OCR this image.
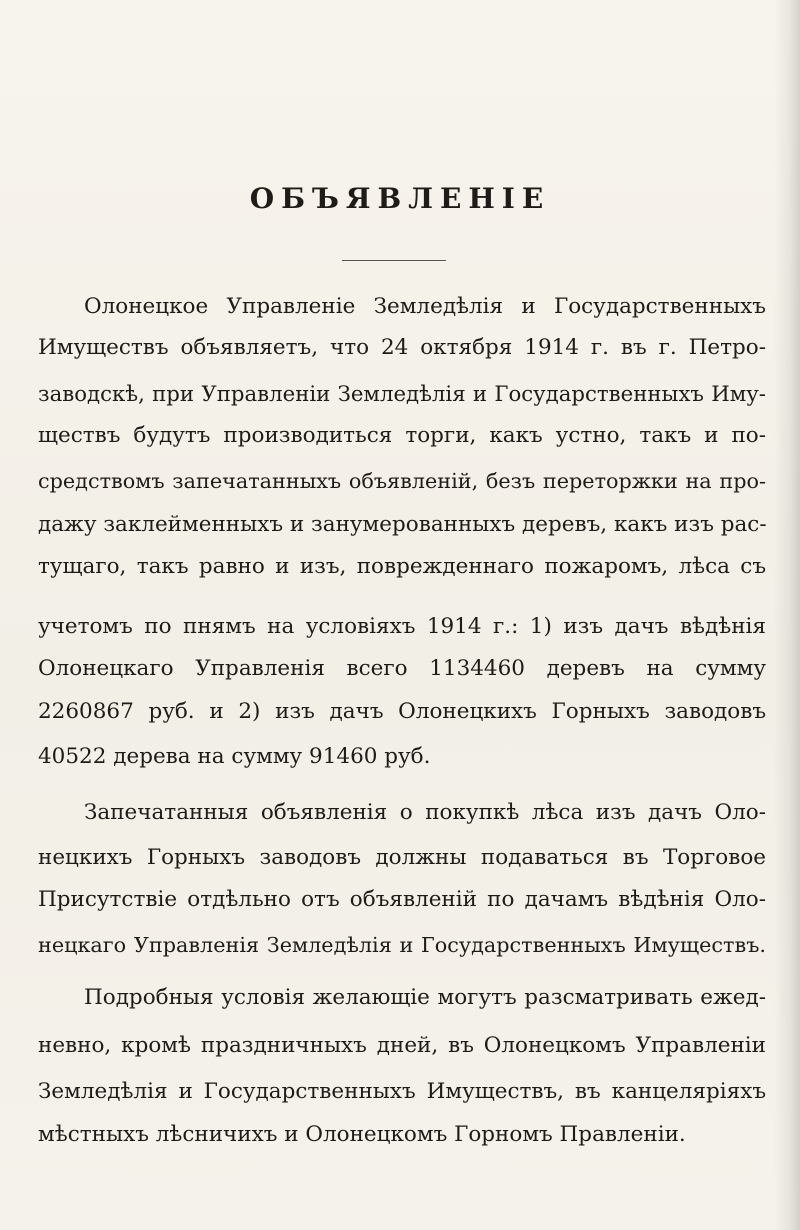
ОБЪЯВЛЕНIЕ
Олонецкое Управленіе Земледѣлія и Государственныхъ
Имуществъ объявляетъ, что 24 октября 1914 г. въ г. Петро-
заводскѣ, при Управленіи Земледѣлія и Государственныхъ Иму-
ществъ будутъ производиться торги, какъ устно, такъ и по-
средствомъ запечатанныхъ объявленій, безъ переторжки на про-
дажу заклейменныхъ и занумерованныхъ деревъ, какъ изъ рас-
тущаго, такъ равно и изъ, поврежденнаго пожаромъ, лѣса съ
учетомъ по пнямъ на условіяхъ 1914 г.: 1) изъ дачъ вѣдѣнія
Олонецкаго Управленія всего 1134460 деревъ на сумму
2260867 руб. и 2) изъ дачъ Олонецкихъ Горныхъ заводовъ
40522 дерева на сумму 91460 руб.
Запечатанныя объявленія о покупкѣ лѣса изъ дачъ Оло-
нецкихъ Горныхъ заводовъ должны подаваться въ Торговое
Присутствіе отдѣльно отъ объявленій по дачамъ вѣдѣнія Оло-
нецкаго Управленія Земледѣлія и Государственныхъ Имуществъ.
Подробныя условія желающіе могутъ разсматривать ежед-
невно, кромѣ праздничныхъ дней, въ Олонецкомъ Управленіи
Земледѣлія и Государственныхъ Имуществъ, въ канцеляріяхъ
мѣстныхъ лѣсничихъ и Олонецкомъ Горномъ Правленіи.
